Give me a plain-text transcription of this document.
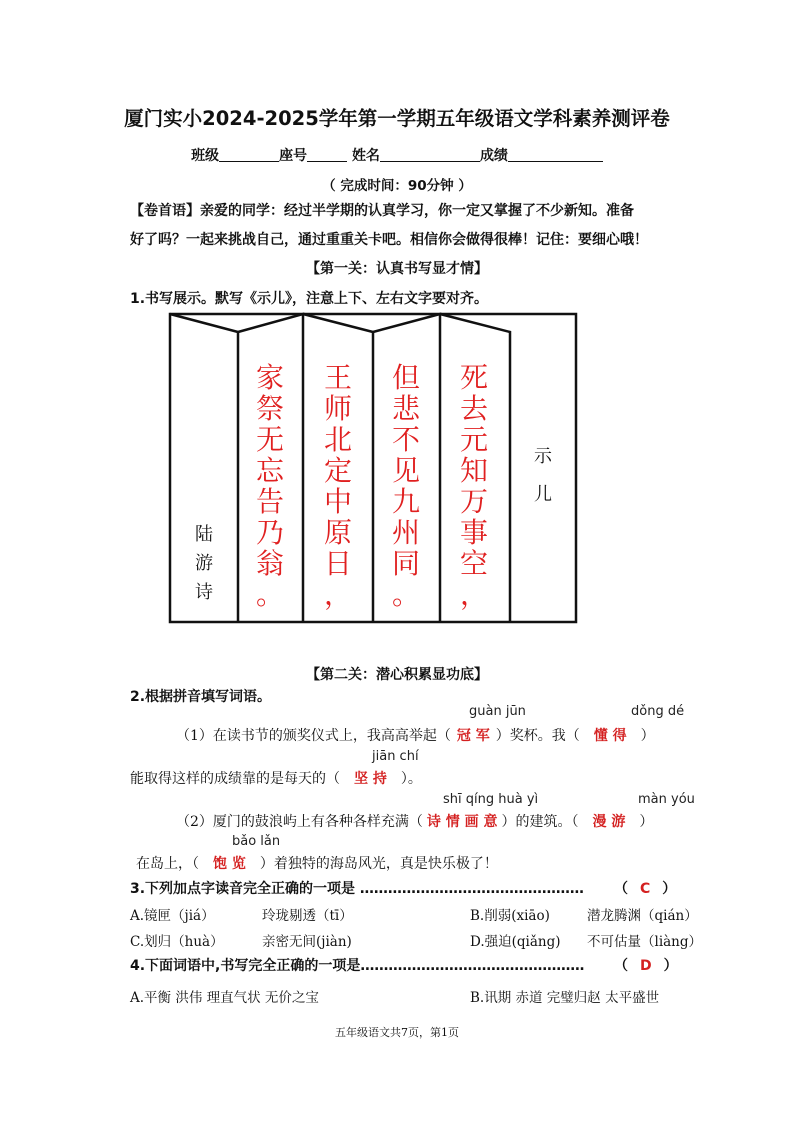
厦门实小2024-2025学年第一学期五年级语文学科素养测评卷
班级	座号	姓名	成绩
（ 完成时间：90分钟 ）
【卷首语】亲爱的同学：经过半学期的认真学习，你一定又掌握了不少新知。准备
好了吗？一起来挑战自己，通过重重关卡吧。相信你会做得很棒！记住：要细心哦！
【第一关：认真书写显才情】
1.书写展示。默写《示儿》，注意上下、左右文字要对齐。
陆
游
诗
家
祭
无
忘
告
乃
翁
。
王
师
北
定
中
原
日
，
但
悲
不
见
九
州
同
。
死
去
元
知
万
事
空
，
示
儿
【第二关：潜心积累显功底】
2.根据拼音填写词语。
guàn jūn	dǒng dé
（1）在读书节的颁奖仪式上，我高高举起（ 冠 军 ）奖杯。我（ 懂 得 ）
jiān chí
能取得这样的成绩靠的是每天的（ 坚 持 ）。
shī qíng huà yì	màn yóu
（2）厦门的鼓浪屿上有各种各样充满（ 诗 情 画 意 ）的建筑。（ 漫 游 ）
bǎo lǎn
在岛上，（ 饱 览 ）着独特的海岛风光，真是快乐极了！
3.下列加点字读音完全正确的一项是 ………………………………………… （ C ）
A.镜匣（jiá）	玲珑剔透（tī）	B.削弱(xiāo)	潜龙腾渊（qián）
C.划归（huà）	亲密无间(jiàn)	D.强迫(qiǎng) 不可估量（liàng）
4.下面词语中,书写完全正确的一项是………………………………………… （ D ）
A.平衡 洪伟 理直气状 无价之宝	B.讯期 赤道 完璧归赵 太平盛世
五年级语文共7页，第1页
